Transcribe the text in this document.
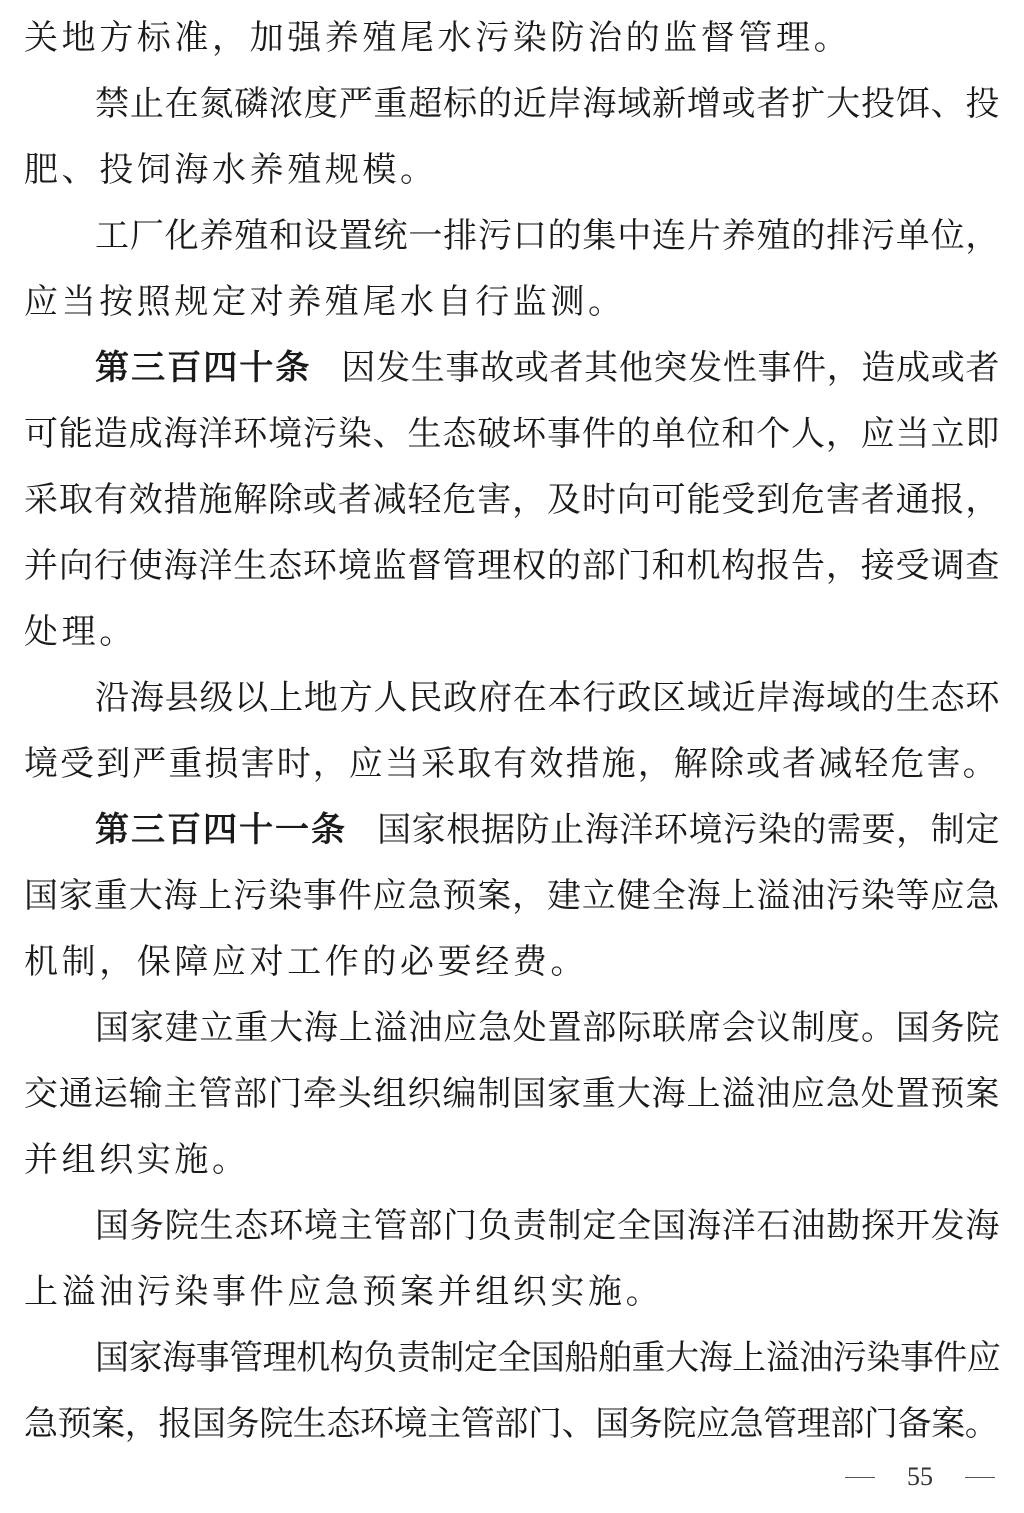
关地方标准，加强养殖尾水污染防治的监督管理。
禁止在氮磷浓度严重超标的近岸海域新增或者扩大投饵、投
肥、投饲海水养殖规模。
工厂化养殖和设置统一排污口的集中连片养殖的排污单位，
应当按照规定对养殖尾水自行监测。
第三百四十条 因发生事故或者其他突发性事件，造成或者
可能造成海洋环境污染、生态破坏事件的单位和个人，应当立即
采取有效措施解除或者减轻危害，及时向可能受到危害者通报，
并向行使海洋生态环境监督管理权的部门和机构报告，接受调查
处理。
沿海县级以上地方人民政府在本行政区域近岸海域的生态环
境受到严重损害时，应当采取有效措施，解除或者减轻危害。
第三百四十一条 国家根据防止海洋环境污染的需要，制定
国家重大海上污染事件应急预案，建立健全海上溢油污染等应急
机制，保障应对工作的必要经费。
国家建立重大海上溢油应急处置部际联席会议制度。国务院
交通运输主管部门牵头组织编制国家重大海上溢油应急处置预案
并组织实施。
国务院生态环境主管部门负责制定全国海洋石油勘探开发海
上溢油污染事件应急预案并组织实施。
国家海事管理机构负责制定全国船舶重大海上溢油污染事件应
急预案，报国务院生态环境主管部门、国务院应急管理部门备案。
55
